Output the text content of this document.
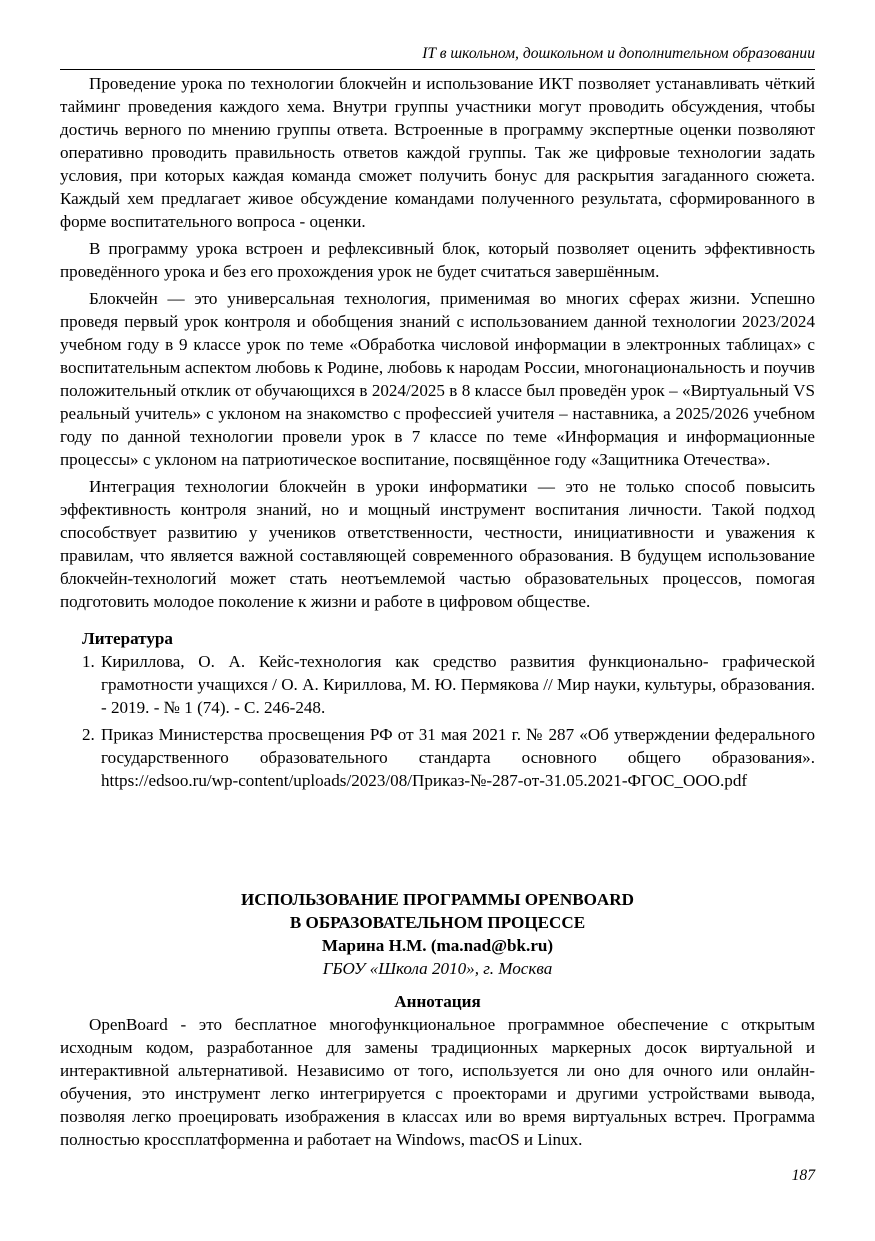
IT в школьном, дошкольном и дополнительном образовании

Проведение урока по технологии блокчейн и использование ИКТ позволяет устанавливать чёткий тайминг проведения каждого хема. Внутри группы участники могут проводить обсуждения, чтобы достичь верного по мнению группы ответа. Встроенные в программу экспертные оценки позволяют оперативно проводить правильность ответов каждой группы. Так же цифровые технологии задать условия, при которых каждая команда сможет получить бонус для раскрытия загаданного сюжета. Каждый хем предлагает живое обсуждение командами полученного результата, сформированного в форме воспитательного вопроса - оценки.

В программу урока встроен и рефлексивный блок, который позволяет оценить эффективность проведённого урока и без его прохождения урок не будет считаться завершённым.

Блокчейн — это универсальная технология, применимая во многих сферах жизни. Успешно проведя первый урок контроля и обобщения знаний с использованием данной технологии 2023/2024 учебном году в 9 классе урок по теме «Обработка числовой информации в электронных таблицах» с воспитательным аспектом любовь к Родине, любовь к народам России, многонациональность и поучив положительный отклик от обучающихся в 2024/2025 в 8 классе был проведён урок – «Виртуальный VS реальный учитель» с уклоном на знакомство с профессией учителя – наставника, а 2025/2026 учебном году по данной технологии провели урок в 7 классе по теме «Информация и информационные процессы» с уклоном на патриотическое воспитание, посвящённое году «Защитника Отечества».

Интеграция технологии блокчейн в уроки информатики — это не только способ повысить эффективность контроля знаний, но и мощный инструмент воспитания личности. Такой подход способствует развитию у учеников ответственности, честности, инициативности и уважения к правилам, что является важной составляющей современного образования. В будущем использование блокчейн-технологий может стать неотъемлемой частью образовательных процессов, помогая подготовить молодое поколение к жизни и работе в цифровом обществе.

Литература
1. Кириллова, О. А. Кейс-технология как средство развития функционально- графической грамотности учащихся / О. А. Кириллова, М. Ю. Пермякова // Мир науки, культуры, образования. - 2019. - № 1 (74). - С. 246-248.
2. Приказ Министерства просвещения РФ от 31 мая 2021 г. № 287 «Об утверждении федерального государственного образовательного стандарта основного общего образования». https://edsoo.ru/wp-content/uploads/2023/08/Приказ-№-287-от-31.05.2021-ФГОС_ООО.pdf
ИСПОЛЬЗОВАНИЕ ПРОГРАММЫ OPENBOARD
В ОБРАЗОВАТЕЛЬНОМ ПРОЦЕССЕ
Марина Н.М. (ma.nad@bk.ru)
ГБОУ «Школа 2010», г. Москва
Аннотация

OpenBoard - это бесплатное многофункциональное программное обеспечение с открытым исходным кодом, разработанное для замены традиционных маркерных досок виртуальной и интерактивной альтернативой. Независимо от того, используется ли оно для очного или онлайн-обучения, это инструмент легко интегрируется с проекторами и другими устройствами вывода, позволяя легко проецировать изображения в классах или во время виртуальных встреч. Программа полностью кроссплатформенна и работает на Windows, macOS и Linux.

187
